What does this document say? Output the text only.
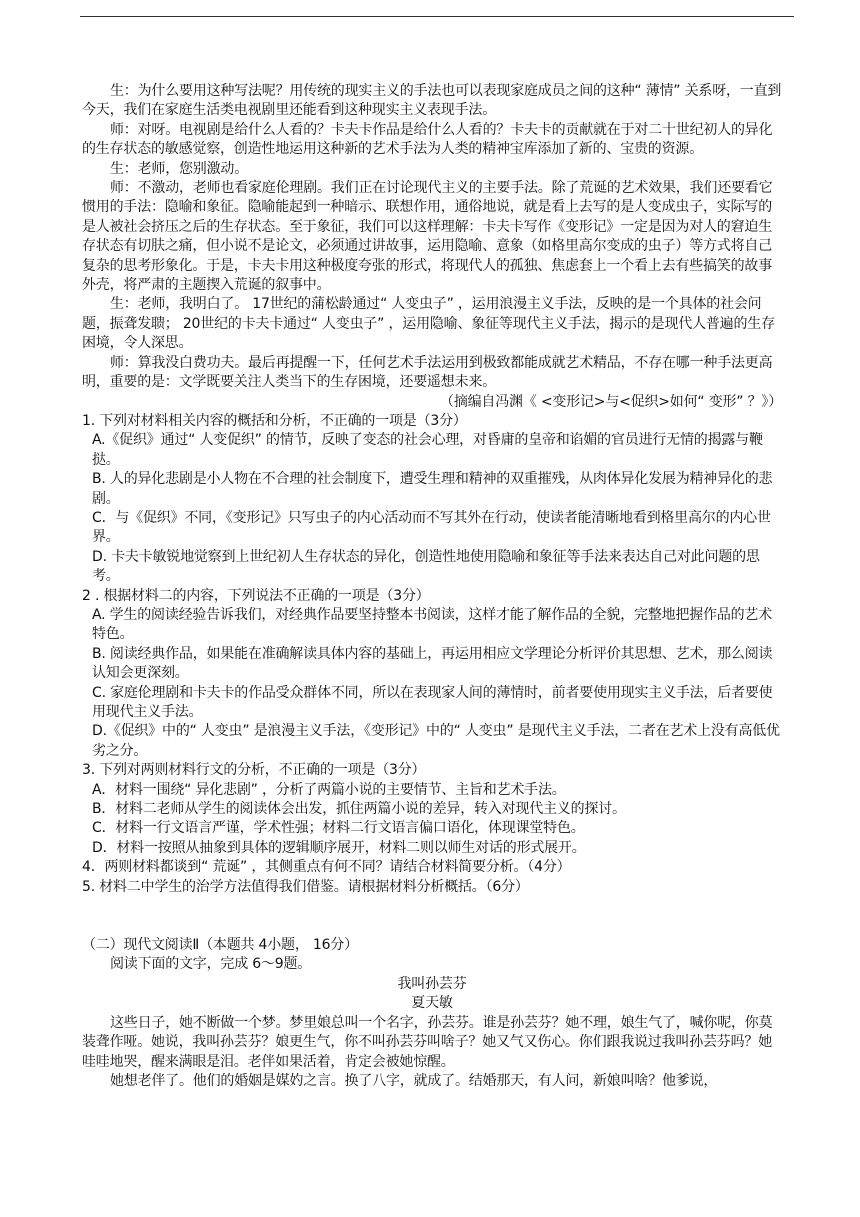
生：为什么要用这种写法呢？用传统的现实主义的手法也可以表现家庭成员之间的这种“ 薄情” 关系呀，一直到今天，我们在家庭生活类电视剧里还能看到这种现实主义表现手法。

师：对呀。电视剧是给什么人看的？卡夫卡作品是给什么人看的？卡夫卡的贡献就在于对二十世纪初人的异化的生存状态的敏感觉察，创造性地运用这种新的艺术手法为人类的精神宝库添加了新的、宝贵的资源。

生：老师，您别激动。

师：不激动，老师也看家庭伦理剧。我们正在讨论现代主义的主要手法。除了荒诞的艺术效果，我们还要看它惯用的手法：隐喻和象征。隐喻能起到一种暗示、联想作用，通俗地说，就是看上去写的是人变成虫子，实际写的是人被社会挤压之后的生存状态。至于象征，我们可以这样理解：卡夫卡写作《变形记》一定是因为对人的窘迫生存状态有切肤之痛，但小说不是论文，必须通过讲故事，运用隐喻、意象（如格里高尔变成的虫子）等方式将自己复杂的思考形象化。于是，卡夫卡用这种极度夸张的形式，将现代人的孤独、焦虑套上一个看上去有些搞笑的故事外壳，将严肃的主题揳入荒诞的叙事中。

生：老师，我明白了。 17世纪的蒲松龄通过“ 人变虫子” ，运用浪漫主义手法，反映的是一个具体的社会问题，振聋发聩； 20世纪的卡夫卡通过“ 人变虫子” ，运用隐喻、象征等现代主义手法，揭示的是现代人普遍的生存困境，令人深思。

师：算我没白费功夫。最后再提醒一下，任何艺术手法运用到极致都能成就艺术精品，不存在哪一种手法更高明，重要的是：文学既要关注人类当下的生存困境，还要遥想未来。

（摘编自冯渊《 <变形记>与<促织>如何“ 变形” ？》）

1. 下列对材料相关内容的概括和分析，不正确的一项是（3分）

A.《促织》通过“ 人变促织” 的情节，反映了变态的社会心理，对昏庸的皇帝和谄媚的官员进行无情的揭露与鞭挞。

B. 人的异化悲剧是小人物在不合理的社会制度下，遭受生理和精神的双重摧残，从肉体异化发展为精神异化的悲剧。

C．与《促织》不同，《变形记》只写虫子的内心活动而不写其外在行动，使读者能清晰地看到格里高尔的内心世界。

D. 卡夫卡敏锐地觉察到上世纪初人生存状态的异化，创造性地使用隐喻和象征等手法来表达自己对此问题的思考。

2 . 根据材料二的内容，下列说法不正确的一项是（3分）

A. 学生的阅读经验告诉我们，对经典作品要坚持整本书阅读，这样才能了解作品的全貌，完整地把握作品的艺术特色。

B. 阅读经典作品，如果能在准确解读具体内容的基础上，再运用相应文学理论分析评价其思想、艺术，那么阅读认知会更深刻。

C. 家庭伦理剧和卡夫卡的作品受众群体不同，所以在表现家人间的薄情时，前者要使用现实主义手法，后者要使用现代主义手法。

D.《促织》中的“ 人变虫” 是浪漫主义手法，《变形记》中的“ 人变虫” 是现代主义手法，二者在艺术上没有高低优劣之分。

3. 下列对两则材料行文的分析，不正确的一项是（3分）

A．材料一围绕“ 异化悲剧” ，分析了两篇小说的主要情节、主旨和艺术手法。

B．材料二老师从学生的阅读体会出发，抓住两篇小说的差异，转入对现代主义的探讨。

C．材料一行文语言严谨，学术性强；材料二行文语言偏口语化，体现课堂特色。

D．材料一按照从抽象到具体的逻辑顺序展开，材料二则以师生对话的形式展开。

4．两则材料都谈到“ 荒诞” ，其侧重点有何不同？请结合材料简要分析。（4分）

5. 材料二中学生的治学方法值得我们借鉴。请根据材料分析概括。（6分）

（二）现代文阅读Ⅱ（本题共 4小题， 16分）

阅读下面的文字，完成 6～9题。

我叫孙芸芬

夏天敏

这些日子，她不断做一个梦。梦里娘总叫一个名字，孙芸芬。谁是孙芸芬？她不理，娘生气了，喊你呢，你莫装聋作哑。她说，我叫孙芸芬？娘更生气，你不叫孙芸芬叫啥子？她又气又伤心。你们跟我说过我叫孙芸芬吗？她哇哇地哭，醒来满眼是泪。老伴如果活着，肯定会被她惊醒。

她想老伴了。他们的婚姻是媒妁之言。换了八字，就成了。结婚那天，有人问，新娘叫啥？他爹说，
